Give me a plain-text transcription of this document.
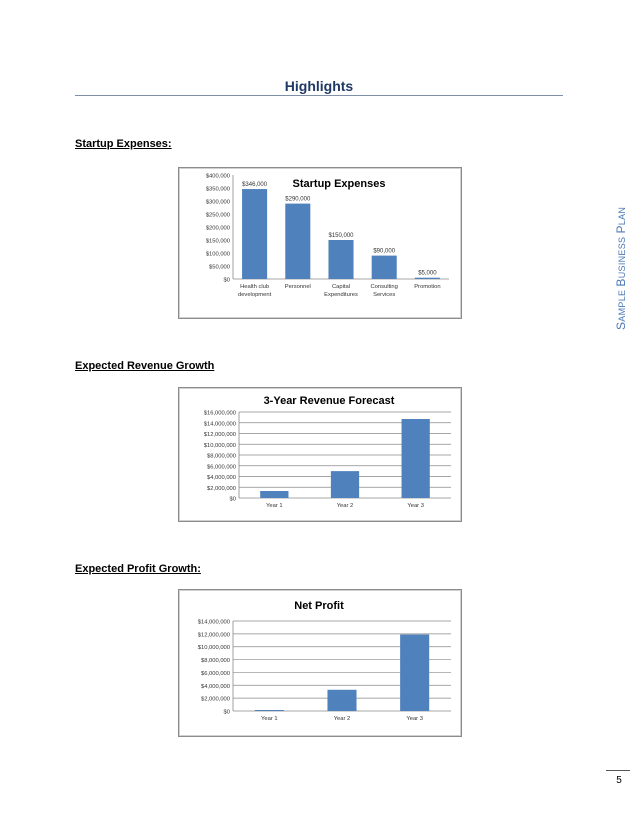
Highlights
SAMPLE BUSINESS PLAN
Startup Expenses:
Startup Expenses
$0
$50,000
$100,000
$150,000
$200,000
$250,000
$300,000
$350,000
$400,000
$346,000
Health club development
$290,000
Personnel
$150,000
Capital Expenditures
$90,000
Consulting Services
$5,000
Promotion
Expected Revenue Growth
3-Year Revenue Forecast
$0
$2,000,000
$4,000,000
$6,000,000
$8,000,000
$10,000,000
$12,000,000
$14,000,000
$16,000,000
Year 1	Year 2	Year 3
Expected Profit Growth:
Net Profit
$0
$2,000,000
$4,000,000
$6,000,000
$8,000,000
$10,000,000
$12,000,000
$14,000,000
Year 1	Year 2	Year 3
5
